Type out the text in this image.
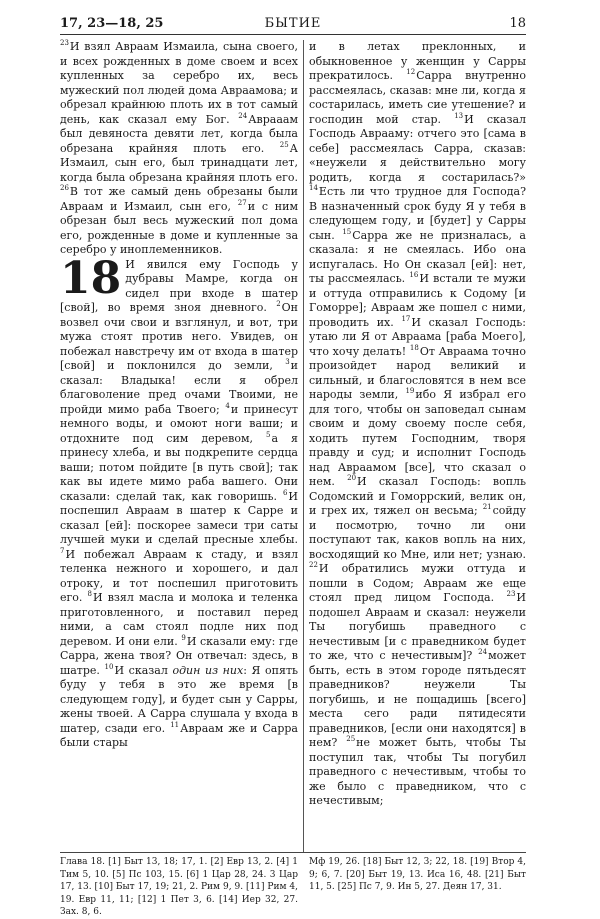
17, 23—18, 25	БЫТИЕ	18

$^{23}$И взял Авраам Измаила, сына своего, и всех рожденных в доме своем и всех купленных за серебро их, весь мужеский пол людей дома Авраамова; и обрезал крайнюю плоть их в тот самый день, как сказал ему Бог. $^{24}$Аврааам был девяноста девяти лет, когда была обрезана крайняя плоть его. $^{25}$А Измаил, сын его, был тринадцати лет, когда была обрезана крайняя плоть его. $^{26}$В тот же самый день обрезаны были Авраам и Измаил, сын его, $^{27}$и с ним обрезан был весь мужеский пол дома его, рожденные в доме и купленные за серебро у иноплеменников.

18 И явился ему Господь у дубравы Мамре, когда он сидел при входе в шатер [свой], во время зноя дневного. $^2$Он возвел очи свои и взглянул, и вот, три мужа стоят против него. Увидев, он побежал навстречу им от входа в шатер [свой] и поклонился до земли, $^3$и сказал: Владыка! если я обрел благоволение пред очами Твоими, не пройди мимо раба Твоего; $^4$и принесут немного воды, и омоют ноги ваши; и отдохните под сим деревом, $^5$а я принесу хлеба, и вы подкрепите сердца ваши; потом пойдите [в путь свой]; так как вы идете мимо раба вашего. Они сказали: сделай так, как говоришь. $^6$И поспешил Авраам в шатер к Сарре и сказал [ей]: поскорее замеси три саты лучшей муки и сделай пресные хлебы. $^7$И побежал Авраам к стаду, и взял теленка нежного и хорошего, и дал отроку, и тот поспешил приготовить его. $^8$И взял масла и молока и теленка приготовленного, и поставил перед ними, а сам стоял подле них под деревом. И они ели. $^9$И сказали ему: где Сарра, жена твоя? Он отвечал: здесь, в шатре. $^{10}$И сказал один из них: Я опять буду у тебя в это же время [в следующем году], и будет сын у Сарры, жены твоей. А Сарра слушала у входа в шатер, сзади его. $^{11}$Авраам же и Сарра были стары

и в летах преклонных, и обыкновенное у женщин у Сарры прекратилось. $^{12}$Сарра внутренно рассмеялась, сказав: мне ли, когда я состарилась, иметь сие утешение? и господин мой стар. $^{13}$И сказал Господь Аврааму: отчего это [сама в себе] рассмеялась Сарра, сказав: «неужели я действительно могу родить, когда я состарилась?» $^{14}$Есть ли что трудное для Господа? В назначенный срок буду Я у тебя в следующем году, и [будет] у Сарры сын. $^{15}$Сарра же не призналась, а сказала: я не смеялась. Ибо она испугалась. Но Он сказал [ей]: нет, ты рассмеялась. $^{16}$И встали те мужи и оттуда отправились к Содому [и Гоморре]; Авраам же пошел с ними, проводить их. $^{17}$И сказал Господь: утаю ли Я от Авраама [раба Моего], что хочу делать! $^{18}$От Авраама точно произойдет народ великий и сильный, и благословятся в нем все народы земли, $^{19}$ибо Я избрал его для того, чтобы он заповедал сынам своим и дому своему после себя, ходить путем Господним, творя правду и суд; и исполнит Господь над Авраамом [все], что сказал о нем. $^{20}$И сказал Господь: вопль Содомский и Гоморрский, велик он, и грех их, тяжел он весьма; $^{21}$сойду и посмотрю, точно ли они поступают так, каков вопль на них, восходящий ко Мне, или нет; узнаю. $^{22}$И обратились мужи оттуда и пошли в Содом; Авраам же еще стоял пред лицом Господа. $^{23}$И подошел Авраам и сказал: неужели Ты погубишь праведного с нечестивым [и с праведником будет то же, что с нечестивым]? $^{24}$может быть, есть в этом городе пятьдесят праведников? неужели Ты погубишь, и не пощадишь [всего] места сего ради пятидесяти праведников, [если они находятся] в нем? $^{25}$не может быть, чтобы Ты поступил так, чтобы Ты погубил праведного с нечестивым, чтобы то же было с праведником, что с нечестивым;

Глава 18. [1] Быт 13, 18; 17, 1. [2] Евр 13, 2. [4] 1 Тим 5, 10. [5] Пс 103, 15. [6] 1 Цар 28, 24. 3 Цар 17, 13. [10] Быт 17, 19; 21, 2. Рим 9, 9. [11] Рим 4, 19. Евр 11, 11; [12] 1 Пет 3, 6. [14] Иер 32, 27. Зах. 8, 6.
Мф 19, 26. [18] Быт 12, 3; 22, 18. [19] Втор 4, 9; 6, 7. [20] Быт 19, 13. Иса 16, 48. [21] Быт 11, 5. [25] Пс 7, 9. Ин 5, 27. Деян 17, 31.
